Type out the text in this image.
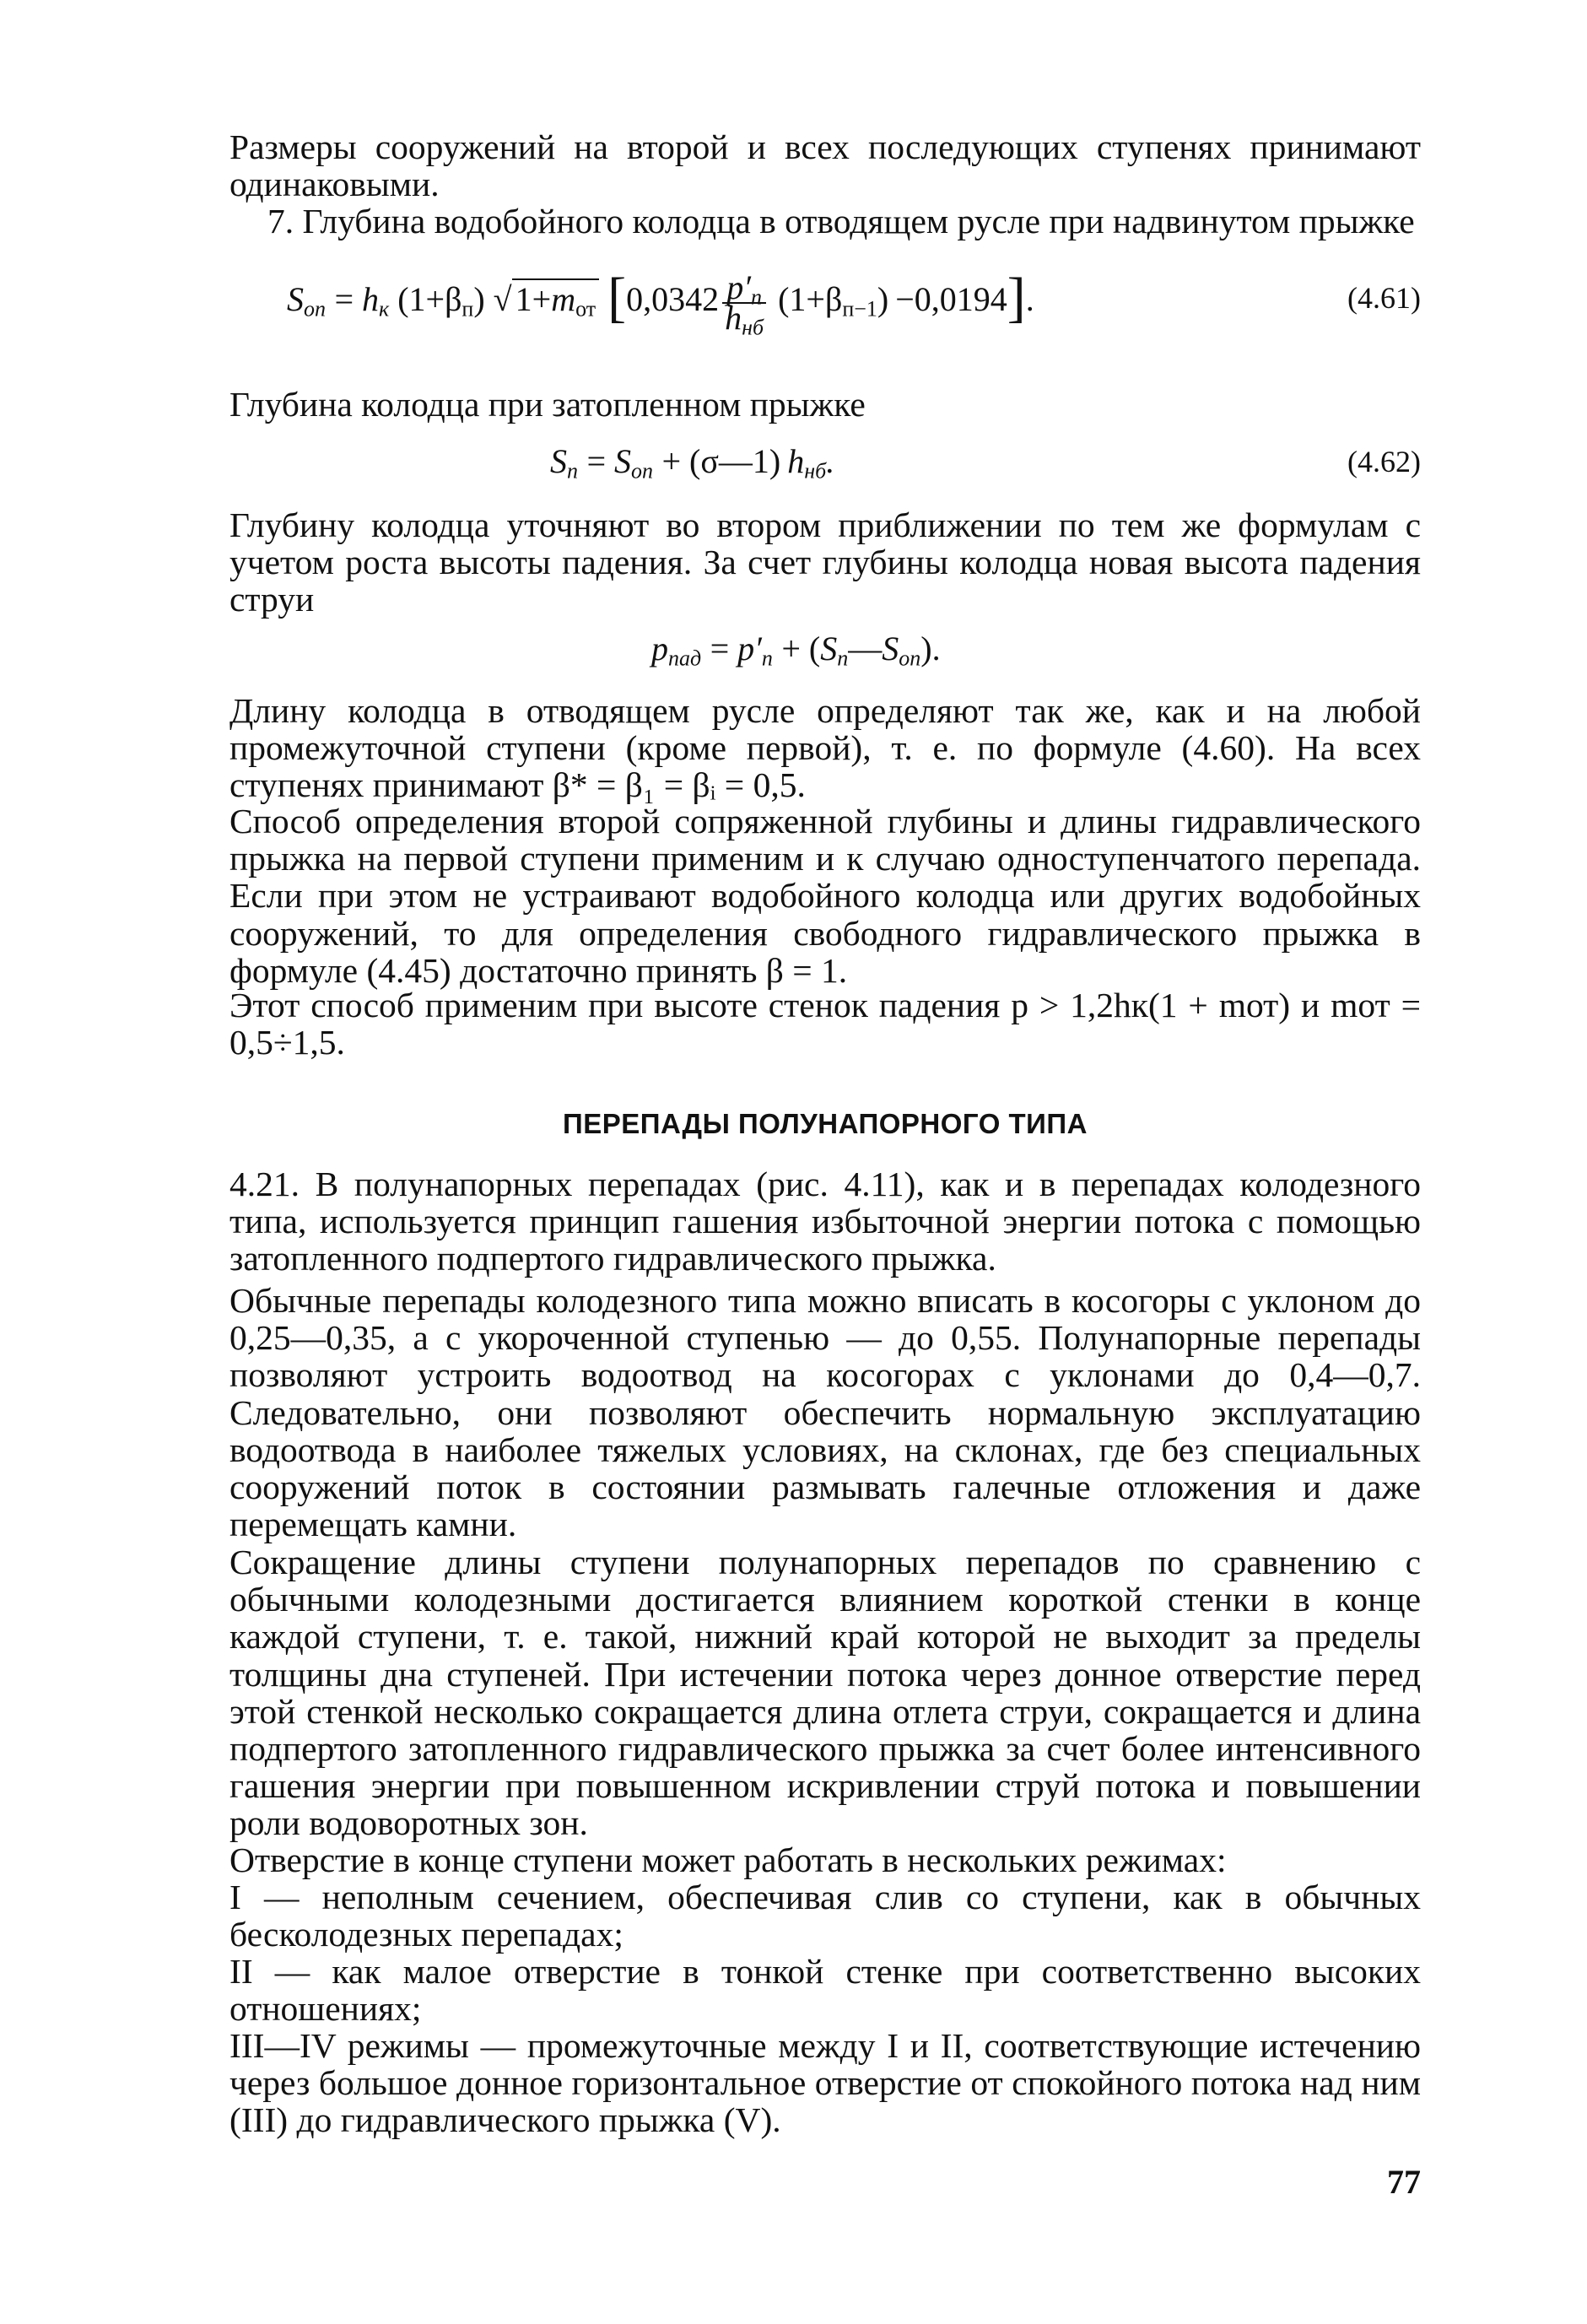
Размеры сооружений на второй и всех последующих ступенях принимают одинаковыми.

7. Глубина водобойного колодца в отводящем русле при надвинутом прыжке

$S_{оп} = h_к$ $(1+\beta_п)$ √ $1+m_{от}$ $[0,0342 \frac{p'_п}{h_{нб}} (1+\beta_{п-1}) -0,0194]$.	(4.61)

Глубина колодца при затопленном прыжке

$S_п = S_{оп}$ + (σ—1) $h_{нб}$.	(4.62)

Глубину колодца уточняют во втором приближении по тем же формулам с учетом роста высоты падения. За счет глубины колодца новая высота падения струи

$p_{пад} = p'_п$ + $(S_п—S_{оп})$.

Длину колодца в отводящем русле определяют так же, как и на любой промежуточной ступени (кроме первой), т. е. по формуле (4.60). На всех ступенях принимают β* = β₁ = βᵢ = 0,5.

Способ определения второй сопряженной глубины и длины гидравлического прыжка на первой ступени применим и к случаю одноступенчатого перепада. Если при этом не устраивают водобойного колодца или других водобойных сооружений, то для определения свободного гидравлического прыжка в формуле (4.45) достаточно принять β = 1.

Этот способ применим при высоте стенок падения p > 1,2hк(1 + mот) и mот = 0,5÷1,5.

ПЕРЕПАДЫ ПОЛУНАПОРНОГО ТИПА

4.21. В полунапорных перепадах (рис. 4.11), как и в перепадах колодезного типа, используется принцип гашения избыточной энергии потока с помощью затопленного подпертого гидравлического прыжка.

Обычные перепады колодезного типа можно вписать в косогоры с уклоном до 0,25—0,35, а с укороченной ступенью — до 0,55. Полунапорные перепады позволяют устроить водоотвод на косогорах с уклонами до 0,4—0,7. Следовательно, они позволяют обеспечить нормальную эксплуатацию водоотвода в наиболее тяжелых условиях, на склонах, где без специальных сооружений поток в состоянии размывать галечные отложения и даже перемещать камни.

Сокращение длины ступени полунапорных перепадов по сравнению с обычными колодезными достигается влиянием короткой стенки в конце каждой ступени, т. е. такой, нижний край которой не выходит за пределы толщины дна ступеней. При истечении потока через донное отверстие перед этой стенкой несколько сокращается длина отлета струи, сокращается и длина подпертого затопленного гидравлического прыжка за счет более интенсивного гашения энергии при повышенном искривлении струй потока и повышении роли водоворотных зон.

Отверстие в конце ступени может работать в нескольких режимах:

I — неполным сечением, обеспечивая слив со ступени, как в обычных бесколодезных перепадах;

II — как малое отверстие в тонкой стенке при соответственно высоких отношениях;

III—IV режимы — промежуточные между I и II, соответствующие истечению через большое донное горизонтальное отверстие от спокойного потока над ним (III) до гидравлического прыжка (V).

77
